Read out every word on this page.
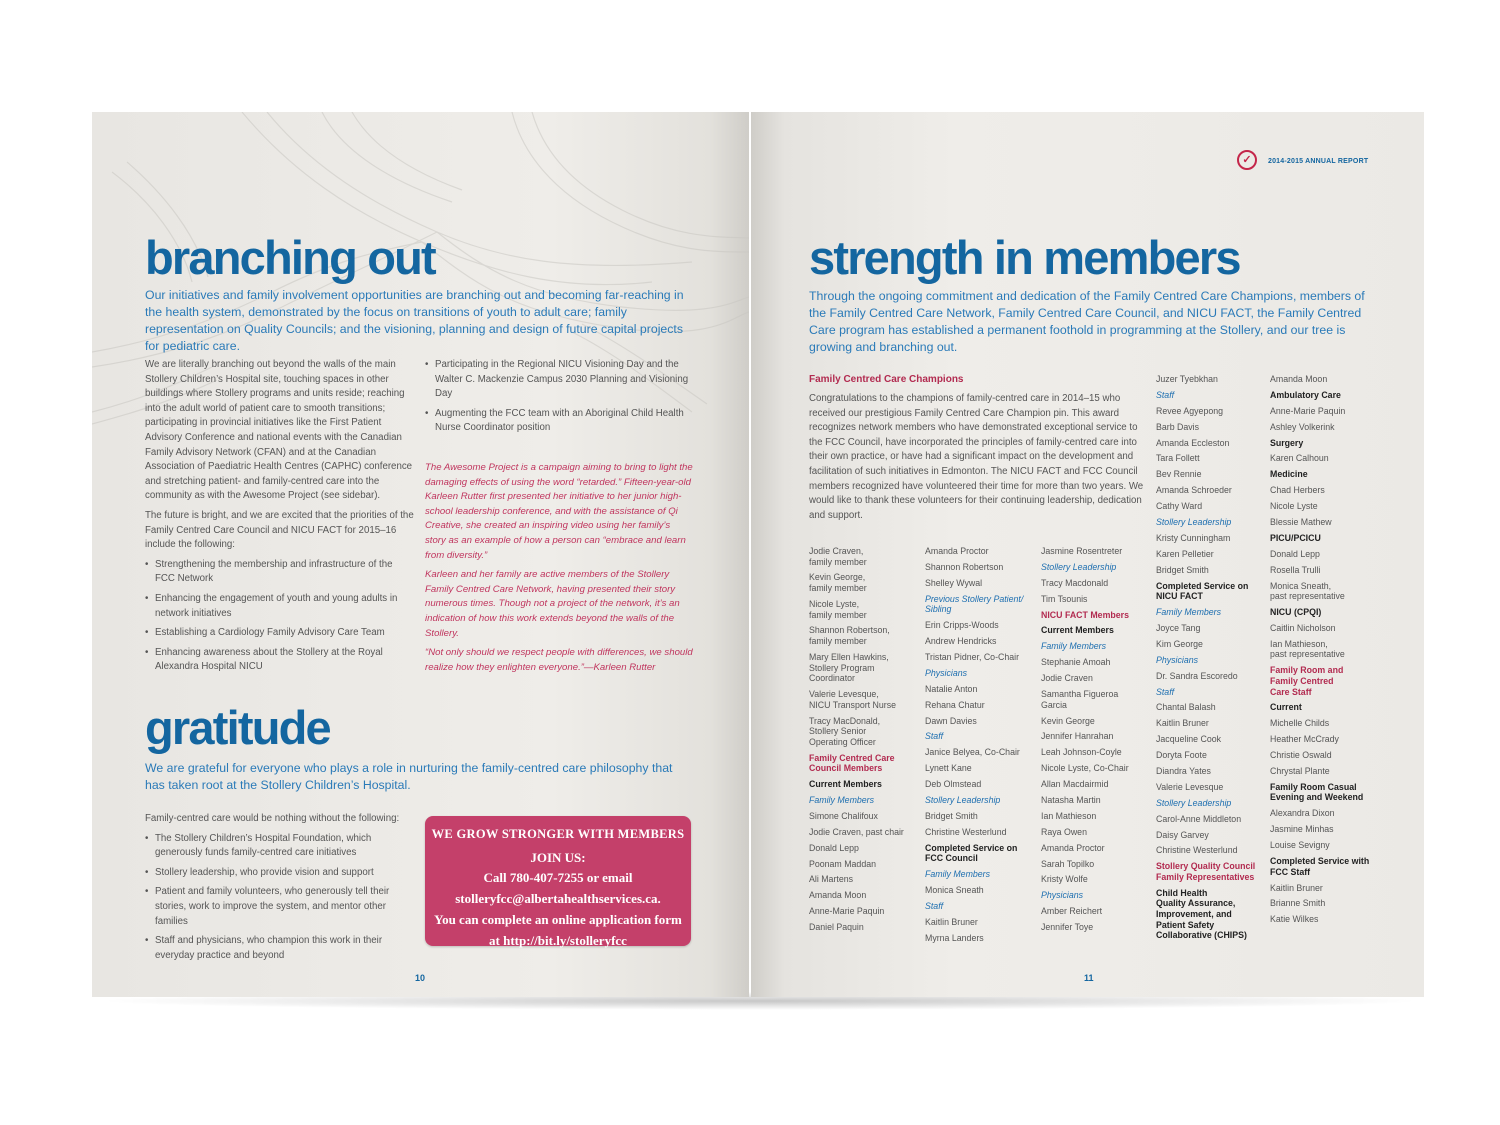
branching out
Our initiatives and family involvement opportunities are branching out and becoming far-reaching in the health system, demonstrated by the focus on transitions of youth to adult care; family representation on Quality Councils; and the visioning, planning and design of future capital projects for pediatric care.

We are literally branching out beyond the walls of the main Stollery Children’s Hospital site, touching spaces in other buildings where Stollery programs and units reside; reaching into the adult world of patient care to smooth transitions; participating in provincial initiatives like the First Patient Advisory Conference and national events with the Canadian Family Advisory Network (CFAN) and at the Canadian Association of Paediatric Health Centres (CAPHC) conference and stretching patient- and family-centred care into the community as with the Awesome Project (see sidebar).

The future is bright, and we are excited that the priorities of the Family Centred Care Council and NICU FACT for 2015–16 include the following:

• Strengthening the membership and infrastructure of the FCC Network
• Enhancing the engagement of youth and young adults in network initiatives
• Establishing a Cardiology Family Advisory Care Team
• Enhancing awareness about the Stollery at the Royal Alexandra Hospital NICU
• Participating in the Regional NICU Visioning Day and the Walter C. Mackenzie Campus 2030 Planning and Visioning Day
• Augmenting the FCC team with an Aboriginal Child Health Nurse Coordinator position

The Awesome Project is a campaign aiming to bring to light the damaging effects of using the word “retarded.” Fifteen-year-old Karleen Rutter first presented her initiative to her junior high-school leadership conference, and with the assistance of Qi Creative, she created an inspiring video using her family’s story as an example of how a person can “embrace and learn from diversity.”

Karleen and her family are active members of the Stollery Family Centred Care Network, having presented their story numerous times. Though not a project of the network, it’s an indication of how this work extends beyond the walls of the Stollery.

“Not only should we respect people with differences, we should realize how they enlighten everyone.”—Karleen Rutter

gratitude
We are grateful for everyone who plays a role in nurturing the family-centred care philosophy that has taken root at the Stollery Children’s Hospital.

Family-centred care would be nothing without the following:

• The Stollery Children’s Hospital Foundation, which generously funds family-centred care initiatives
• Stollery leadership, who provide vision and support
• Patient and family volunteers, who generously tell their stories, work to improve the system, and mentor other families
• Staff and physicians, who champion this work in their everyday practice and beyond
WE GROW STRONGER WITH MEMBERS
JOIN US:
Call 780-407-7255 or email
stolleryfcc@albertahealthservices.ca.
You can complete an online application form
at http://bit.ly/stolleryfcc
10
✓	2014-2015 ANNUAL REPORT
strength in members
Through the ongoing commitment and dedication of the Family Centred Care Champions, members of the Family Centred Care Network, Family Centred Care Council, and NICU FACT, the Family Centred Care program has established a permanent foothold in programming at the Stollery, and our tree is growing and branching out.
Family Centred Care Champions
Congratulations to the champions of family-centred care in 2014–15 who received our prestigious Family Centred Care Champion pin. This award recognizes network members who have demonstrated exceptional service to the FCC Council, have incorporated the principles of family-centred care into their own practice, or have had a significant impact on the development and facilitation of such initiatives in Edmonton. The NICU FACT and FCC Council members recognized have volunteered their time for more than two years. We would like to thank these volunteers for their continuing leadership, dedication and support.
Jodie Craven,
family member
Kevin George,
family member
Nicole Lyste,
family member
Shannon Robertson,
family member
Mary Ellen Hawkins,
Stollery Program
Coordinator
Valerie Levesque,
NICU Transport Nurse
Tracy MacDonald,
Stollery Senior
Operating Officer
Family Centred Care
Council Members
Current Members
Family Members
Simone Chalifoux
Jodie Craven, past chair
Donald Lepp
Poonam Maddan
Ali Martens
Amanda Moon
Anne-Marie Paquin
Daniel Paquin
Amanda Proctor
Shannon Robertson
Shelley Wywal
Previous Stollery Patient/
Sibling
Erin Cripps-Woods
Andrew Hendricks
Tristan Pidner, Co-Chair
Physicians
Natalie Anton
Rehana Chatur
Dawn Davies
Staff
Janice Belyea, Co-Chair
Lynett Kane
Deb Olmstead
Stollery Leadership
Bridget Smith
Christine Westerlund
Completed Service on
FCC Council
Family Members
Monica Sneath
Staff
Kaitlin Bruner
Myrna Landers
Jasmine Rosentreter
Stollery Leadership
Tracy Macdonald
Tim Tsounis
NICU FACT Members
Current Members
Family Members
Stephanie Amoah
Jodie Craven
Samantha Figueroa
Garcia
Kevin George
Jennifer Hanrahan
Leah Johnson-Coyle
Nicole Lyste, Co-Chair
Allan Macdairmid
Natasha Martin
Ian Mathieson
Raya Owen
Amanda Proctor
Sarah Topilko
Kristy Wolfe
Physicians
Amber Reichert
Jennifer Toye
Juzer Tyebkhan
Staff
Revee Agyepong
Barb Davis
Amanda Eccleston
Tara Follett
Bev Rennie
Amanda Schroeder
Cathy Ward
Stollery Leadership
Kristy Cunningham
Karen Pelletier
Bridget Smith
Completed Service on
NICU FACT
Family Members
Joyce Tang
Kim George
Physicians
Dr. Sandra Escoredo
Staff
Chantal Balash
Kaitlin Bruner
Jacqueline Cook
Doryta Foote
Diandra Yates
Valerie Levesque
Stollery Leadership
Carol-Anne Middleton
Daisy Garvey
Christine Westerlund
Stollery Quality Council
Family Representatives
Child Health
Quality Assurance,
Improvement, and
Patient Safety
Collaborative (CHIPS)
Amanda Moon
Ambulatory Care
Anne-Marie Paquin
Ashley Volkerink
Surgery
Karen Calhoun
Medicine
Chad Herbers
Nicole Lyste
Blessie Mathew
PICU/PCICU
Donald Lepp
Rosella Trulli
Monica Sneath,
past representative
NICU (CPQI)
Caitlin Nicholson
Ian Mathieson,
past representative
Family Room and
Family Centred
Care Staff
Current
Michelle Childs
Heather McCrady
Christie Oswald
Chrystal Plante
Family Room Casual
Evening and Weekend
Alexandra Dixon
Jasmine Minhas
Louise Sevigny
Completed Service with
FCC Staff
Kaitlin Bruner
Brianne Smith
Katie Wilkes
11
